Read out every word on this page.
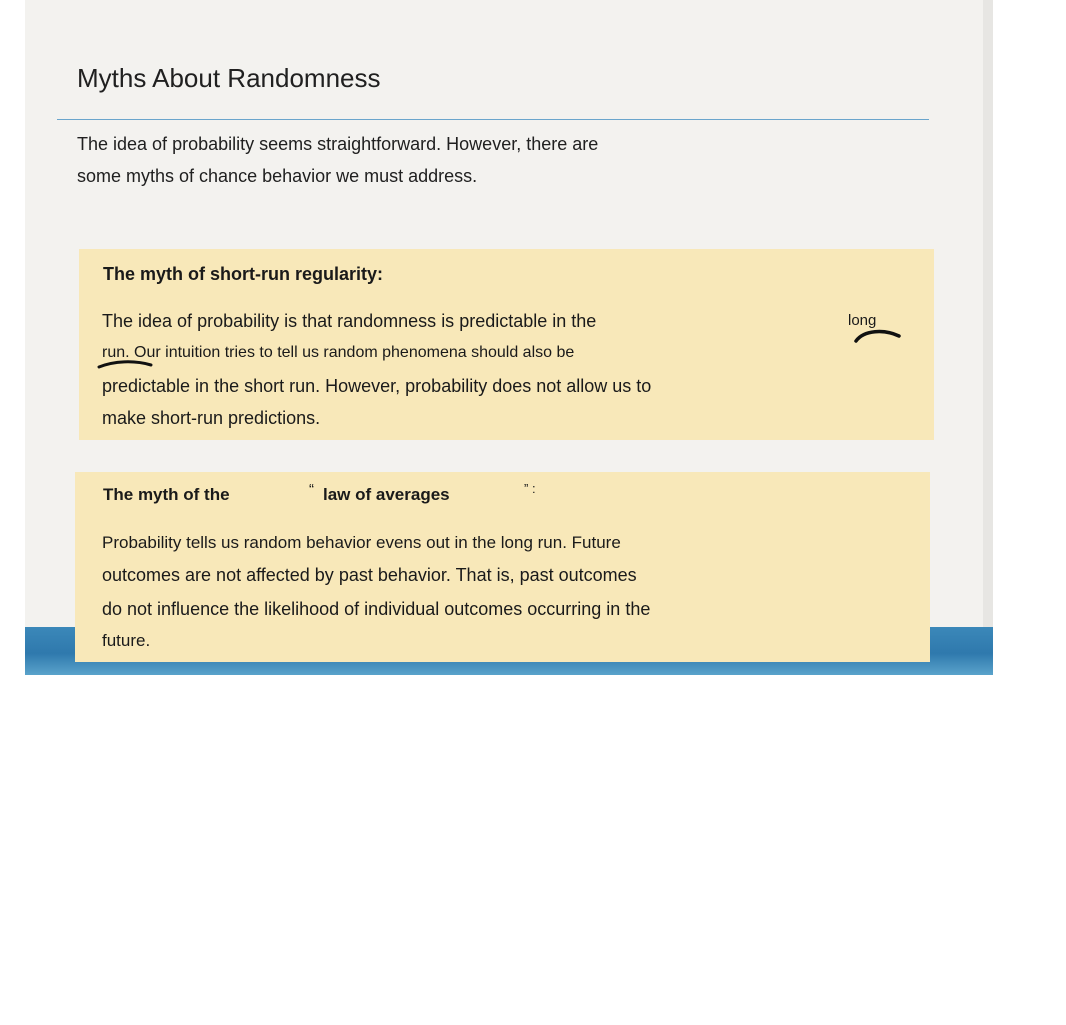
Myths About Randomness

The idea of probability seems straightforward. However, there are
some myths of chance behavior we must address.

The myth of short-run regularity:
The idea of probability is that randomness is predictable in the	long
run. Our intuition tries to tell us random phenomena should also be
predictable in the short run. However, probability does not allow us to
make short-run predictions.
The myth of the	“ law of averages	” :
Probability tells us random behavior evens out in the long run. Future
outcomes are not affected by past behavior. That is, past outcomes
do not influence the likelihood of individual outcomes occurring in the
future.
